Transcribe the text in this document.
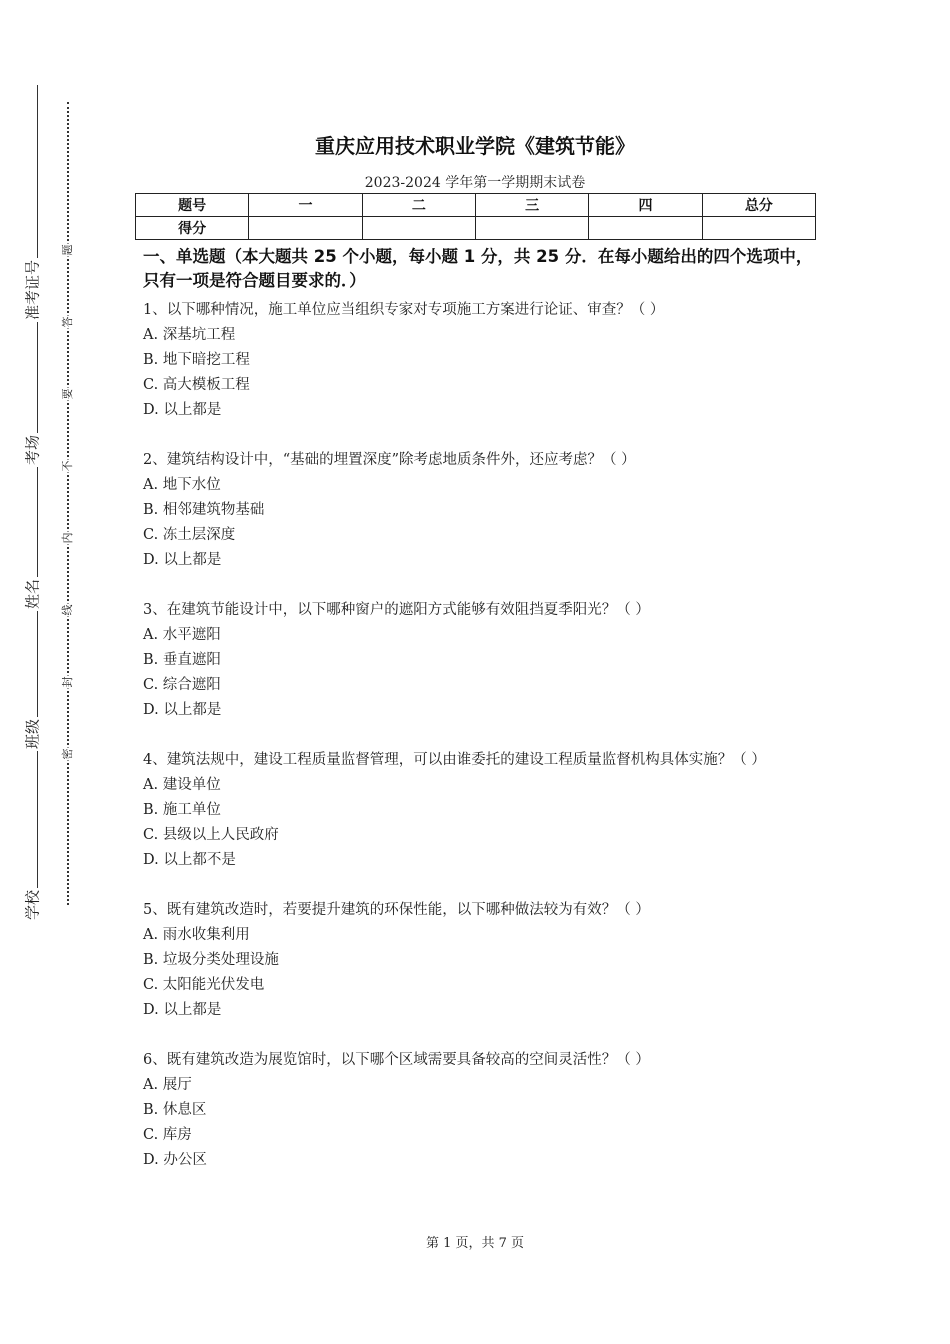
准考证号
考场
姓名
班级
学校
题
答
要
不
内
线
封
密
重庆应用技术职业学院《建筑节能》
2023-2024 学年第一学期期末试卷
题号	一	二	三	四	总分
得分					
一、单选题（本大题共 25 个小题，每小题 1 分，共 25 分．在每小题给出的四个选项中，只有一项是符合题目要求的．）
1、以下哪种情况，施工单位应当组织专家对专项施工方案进行论证、审查？（ ）
A. 深基坑工程
B. 地下暗挖工程
C. 高大模板工程
D. 以上都是
2、建筑结构设计中，“基础的埋置深度”除考虑地质条件外，还应考虑？（ ）
A. 地下水位
B. 相邻建筑物基础
C. 冻土层深度
D. 以上都是
3、在建筑节能设计中，以下哪种窗户的遮阳方式能够有效阻挡夏季阳光？（ ）
A. 水平遮阳
B. 垂直遮阳
C. 综合遮阳
D. 以上都是
4、建筑法规中，建设工程质量监督管理，可以由谁委托的建设工程质量监督机构具体实施？（ ）
A. 建设单位
B. 施工单位
C. 县级以上人民政府
D. 以上都不是
5、既有建筑改造时，若要提升建筑的环保性能，以下哪种做法较为有效？（ ）
A. 雨水收集利用
B. 垃圾分类处理设施
C. 太阳能光伏发电
D. 以上都是
6、既有建筑改造为展览馆时，以下哪个区域需要具备较高的空间灵活性？（ ）
A. 展厅
B. 休息区
C. 库房
D. 办公区
第 1 页，共 7 页
